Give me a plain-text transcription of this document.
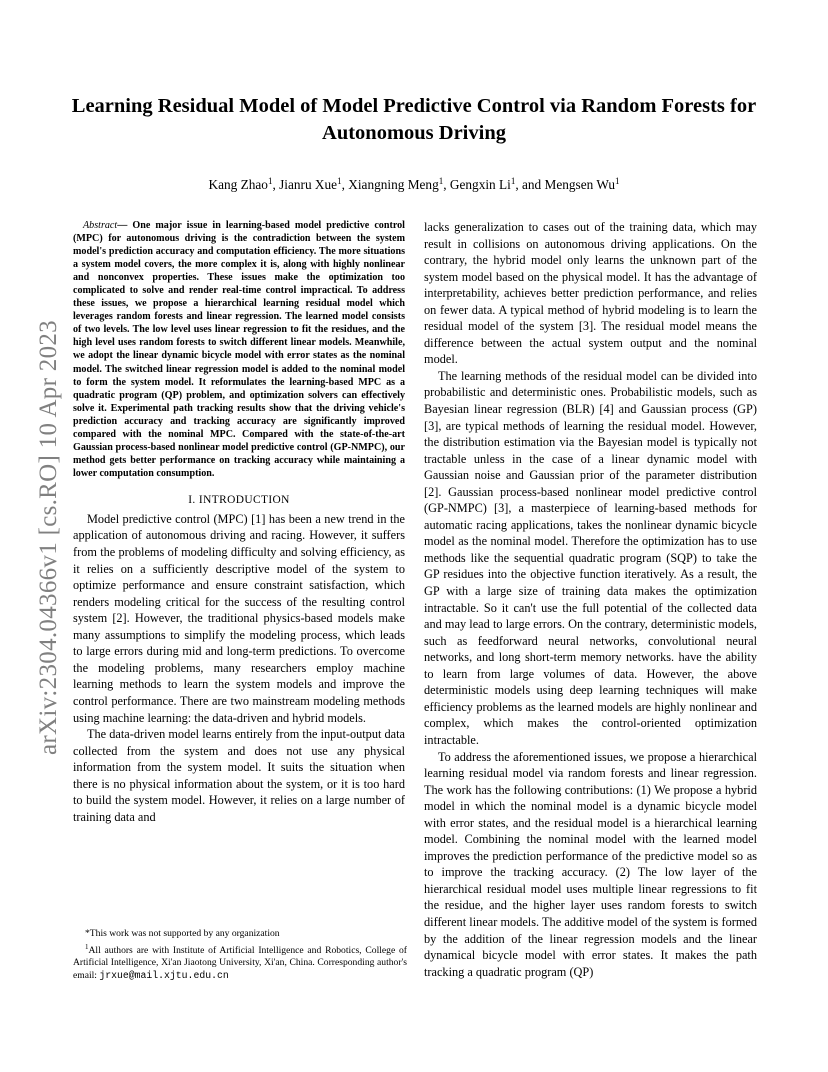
arXiv:2304.04366v1 [cs.RO] 10 Apr 2023
Learning Residual Model of Model Predictive Control via Random Forests for Autonomous Driving
Kang Zhao$^1$, Jianru Xue$^1$, Xiangning Meng$^1$, Gengxin Li$^1$, and Mengsen Wu$^1$

Abstract— One major issue in learning-based model predictive control (MPC) for autonomous driving is the contradiction between the system model's prediction accuracy and computation efficiency. The more situations a system model covers, the more complex it is, along with highly nonlinear and nonconvex properties. These issues make the optimization too complicated to solve and render real-time control impractical. To address these issues, we propose a hierarchical learning residual model which leverages random forests and linear regression. The learned model consists of two levels. The low level uses linear regression to fit the residues, and the high level uses random forests to switch different linear models. Meanwhile, we adopt the linear dynamic bicycle model with error states as the nominal model. The switched linear regression model is added to the nominal model to form the system model. It reformulates the learning-based MPC as a quadratic program (QP) problem, and optimization solvers can effectively solve it. Experimental path tracking results show that the driving vehicle's prediction accuracy and tracking accuracy are significantly improved compared with the nominal MPC. Compared with the state-of-the-art Gaussian process-based nonlinear model predictive control (GP-NMPC), our method gets better performance on tracking accuracy while maintaining a lower computation consumption.

I. INTRODUCTION

Model predictive control (MPC) [1] has been a new trend in the application of autonomous driving and racing. However, it suffers from the problems of modeling difficulty and solving efficiency, as it relies on a sufficiently descriptive model of the system to optimize performance and ensure constraint satisfaction, which renders modeling critical for the success of the resulting control system [2]. However, the traditional physics-based models make many assumptions to simplify the modeling process, which leads to large errors during mid and long-term predictions. To overcome the modeling problems, many researchers employ machine learning methods to learn the system models and improve the control performance. There are two mainstream modeling methods using machine learning: the data-driven and hybrid models.

The data-driven model learns entirely from the input-output data collected from the system and does not use any physical information from the system model. It suits the situation when there is no physical information about the system, or it is too hard to build the system model. However, it relies on a large number of training data and

lacks generalization to cases out of the training data, which may result in collisions on autonomous driving applications. On the contrary, the hybrid model only learns the unknown part of the system model based on the physical model. It has the advantage of interpretability, achieves better prediction performance, and relies on fewer data. A typical method of hybrid modeling is to learn the residual model of the system [3]. The residual model means the difference between the actual system output and the nominal model.

The learning methods of the residual model can be divided into probabilistic and deterministic ones. Probabilistic models, such as Bayesian linear regression (BLR) [4] and Gaussian process (GP) [3], are typical methods of learning the residual model. However, the distribution estimation via the Bayesian model is typically not tractable unless in the case of a linear dynamic model with Gaussian noise and Gaussian prior of the parameter distribution [2]. Gaussian process-based nonlinear model predictive control (GP-NMPC) [3], a masterpiece of learning-based methods for automatic racing applications, takes the nonlinear dynamic bicycle model as the nominal model. Therefore the optimization has to use methods like the sequential quadratic program (SQP) to take the GP residues into the objective function iteratively. As a result, the GP with a large size of training data makes the optimization intractable. So it can't use the full potential of the collected data and may lead to large errors. On the contrary, deterministic models, such as feedforward neural networks, convolutional neural networks, and long short-term memory networks. have the ability to learn from large volumes of data. However, the above deterministic models using deep learning techniques will make efficiency problems as the learned models are highly nonlinear and complex, which makes the control-oriented optimization intractable.

To address the aforementioned issues, we propose a hierarchical learning residual model via random forests and linear regression. The work has the following contributions: (1) We propose a hybrid model in which the nominal model is a dynamic bicycle model with error states, and the residual model is a hierarchical learning model. Combining the nominal model with the learned model improves the prediction performance of the predictive model so as to improve the tracking accuracy. (2) The low layer of the hierarchical residual model uses multiple linear regressions to fit the residue, and the higher layer uses random forests to switch different linear models. The additive model of the system is formed by the addition of the linear regression models and the linear dynamical bicycle model with error states. It makes the path tracking a quadratic program (QP)

*This work was not supported by any organization

$^1$All authors are with Institute of Artificial Intelligence and Robotics, College of Artificial Intelligence, Xi'an Jiaotong University, Xi'an, China. Corresponding author's email: jrxue@mail.xjtu.edu.cn
